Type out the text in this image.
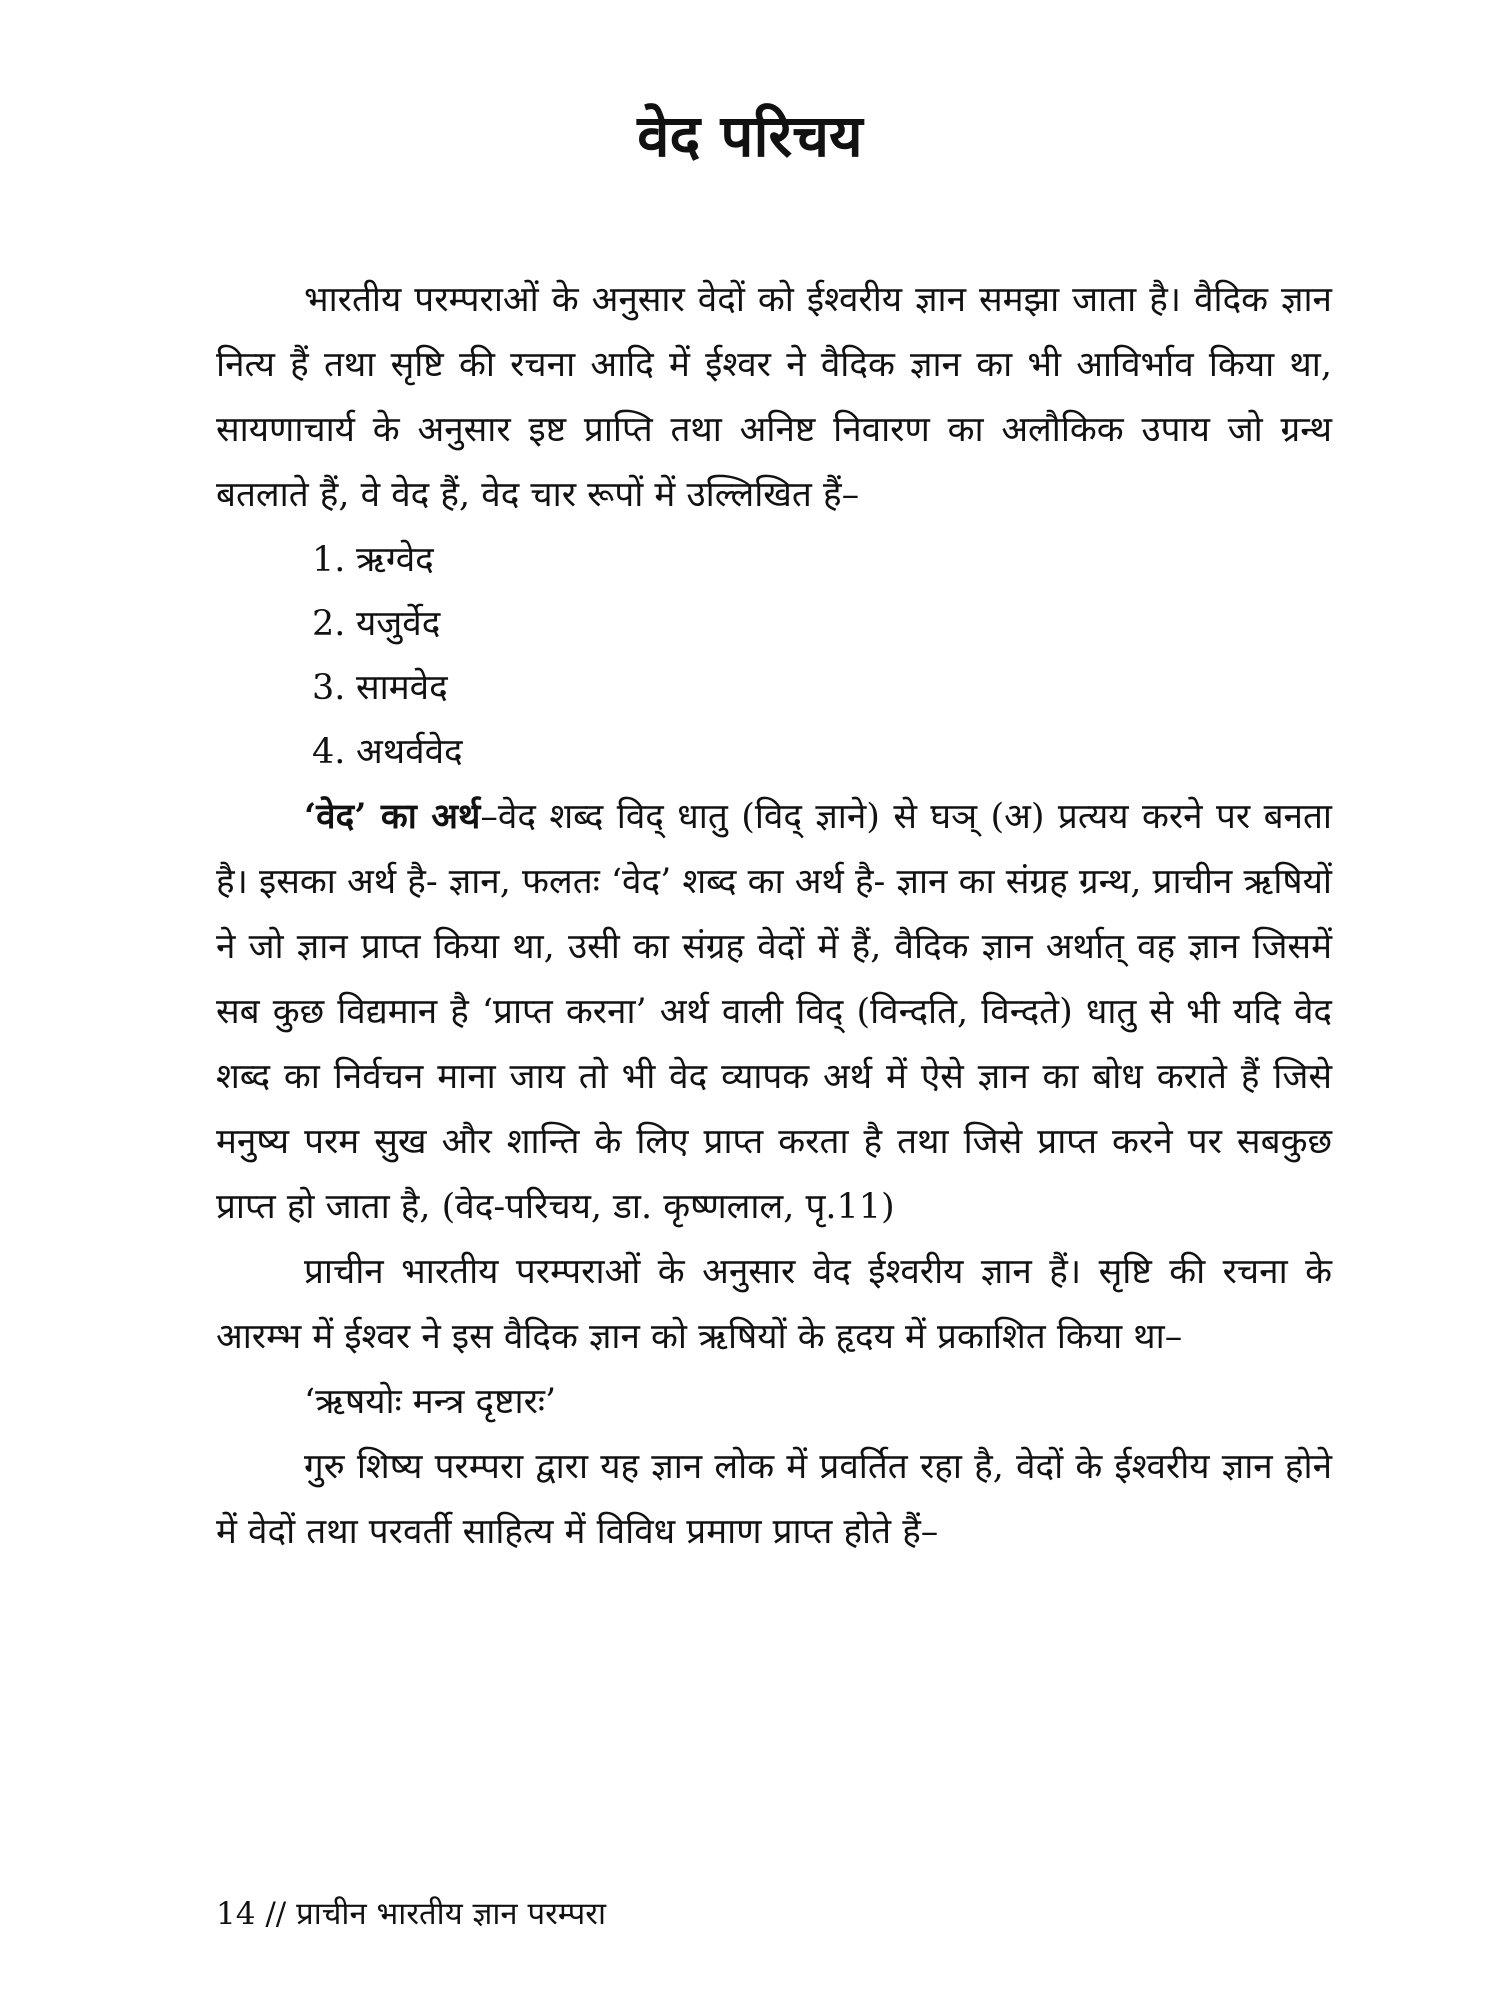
वेद परिचय

भारतीय परम्पराओं के अनुसार वेदों को ईश्वरीय ज्ञान समझा जाता है। वैदिक ज्ञान नित्य हैं तथा सृष्टि की रचना आदि में ईश्वर ने वैदिक ज्ञान का भी आविर्भाव किया था, सायणाचार्य के अनुसार इष्ट प्राप्ति तथा अनिष्ट निवारण का अलौकिक उपाय जो ग्रन्थ बतलाते हैं, वे वेद हैं, वेद चार रूपों में उल्लिखित हैं–

1. ऋग्वेद
2. यजुर्वेद
3. सामवेद
4. अथर्ववेद

‘वेद’ का अर्थ–वेद शब्द विद् धातु (विद् ज्ञाने) से घञ् (अ) प्रत्यय करने पर बनता है। इसका अर्थ है- ज्ञान, फलतः ‘वेद’ शब्द का अर्थ है- ज्ञान का संग्रह ग्रन्थ, प्राचीन ऋषियों ने जो ज्ञान प्राप्त किया था, उसी का संग्रह वेदों में हैं, वैदिक ज्ञान अर्थात् वह ज्ञान जिसमें सब कुछ विद्यमान है ‘प्राप्त करना’ अर्थ वाली विद् (विन्दति, विन्दते) धातु से भी यदि वेद शब्द का निर्वचन माना जाय तो भी वेद व्यापक अर्थ में ऐसे ज्ञान का बोध कराते हैं जिसे मनुष्य परम सुख और शान्ति के लिए प्राप्त करता है तथा जिसे प्राप्त करने पर सबकुछ प्राप्त हो जाता है, (वेद-परिचय, डा. कृष्णलाल, पृ.11)

प्राचीन भारतीय परम्पराओं के अनुसार वेद ईश्वरीय ज्ञान हैं। सृष्टि की रचना के आरम्भ में ईश्वर ने इस वैदिक ज्ञान को ऋषियों के हृदय में प्रकाशित किया था–

‘ऋषयोः मन्त्र दृष्टारः’

गुरु शिष्य परम्परा द्वारा यह ज्ञान लोक में प्रवर्तित रहा है, वेदों के ईश्वरीय ज्ञान होने में वेदों तथा परवर्ती साहित्य में विविध प्रमाण प्राप्त होते हैं–

14 // प्राचीन भारतीय ज्ञान परम्परा
